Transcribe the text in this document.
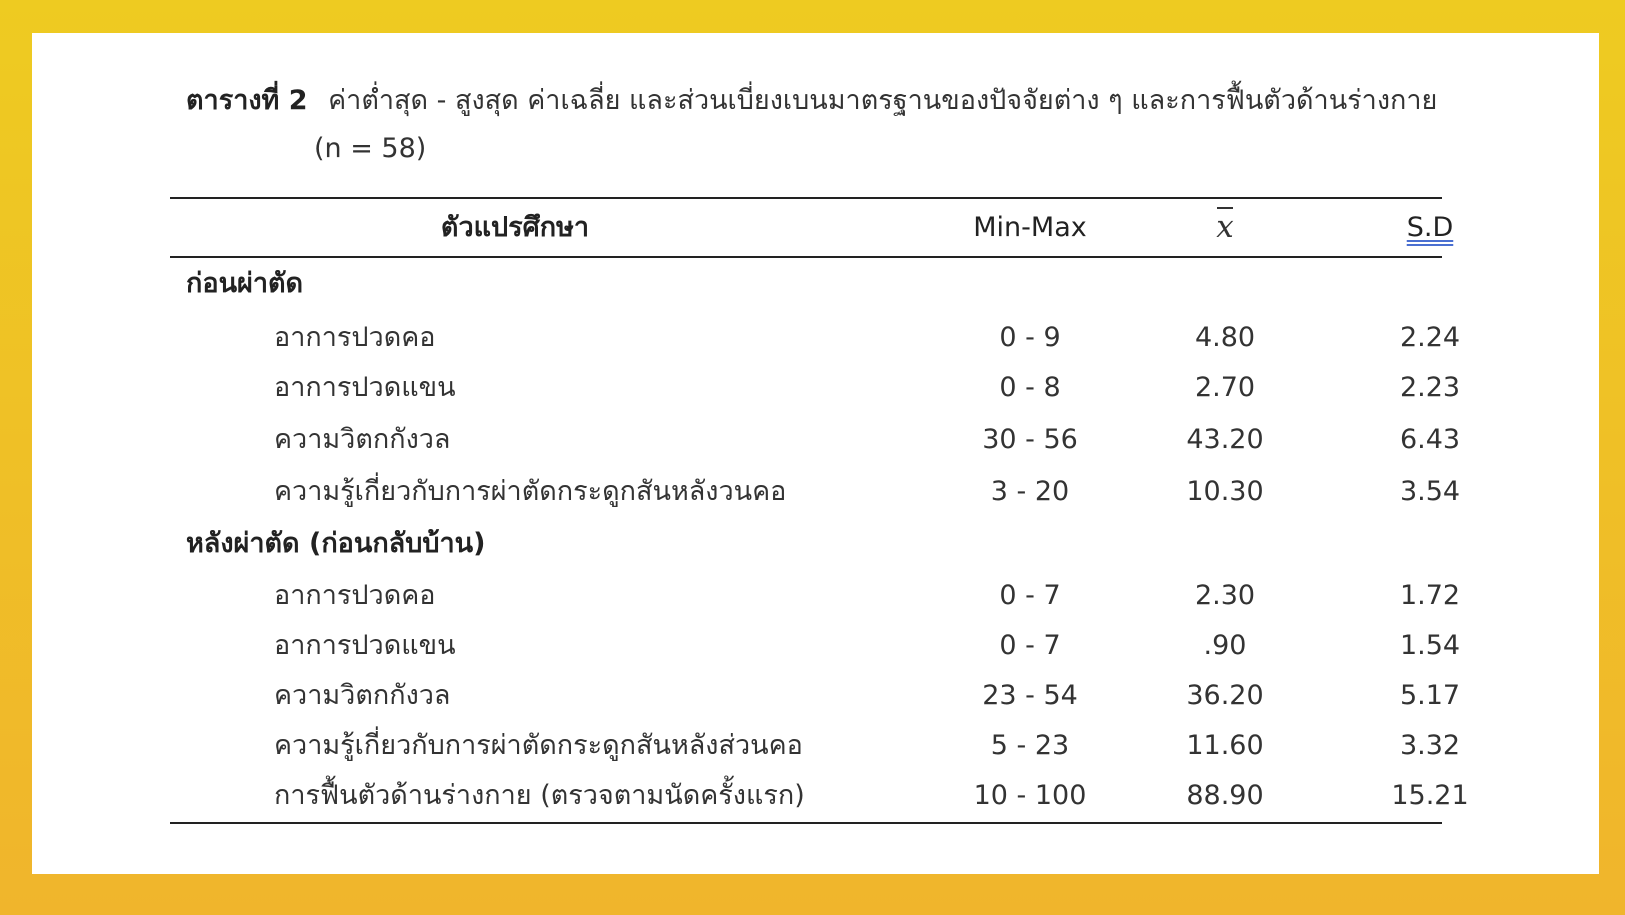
ตารางที่ 2 ค่าต่ำสุด - สูงสุด ค่าเฉลี่ย และส่วนเบี่ยงเบนมาตรฐานของปัจจัยต่าง ๆ และการฟื้นตัวด้านร่างกาย
(n = 58)
ตัวแปรศึกษา	Min-Max	x	S.D
ก่อนผ่าตัด
อาการปวดคอ	0 - 9	4.80	2.24
อาการปวดแขน	0 - 8	2.70	2.23
ความวิตกกังวล	30 - 56	43.20	6.43
ความรู้เกี่ยวกับการผ่าตัดกระดูกสันหลังวนคอ	3 - 20	10.30	3.54
หลังผ่าตัด (ก่อนกลับบ้าน)
อาการปวดคอ	0 - 7	2.30	1.72
อาการปวดแขน	0 - 7	.90	1.54
ความวิตกกังวล	23 - 54	36.20	5.17
ความรู้เกี่ยวกับการผ่าตัดกระดูกสันหลังส่วนคอ	5 - 23	11.60	3.32
การฟื้นตัวด้านร่างกาย (ตรวจตามนัดครั้งแรก)	10 - 100	88.90	15.21
